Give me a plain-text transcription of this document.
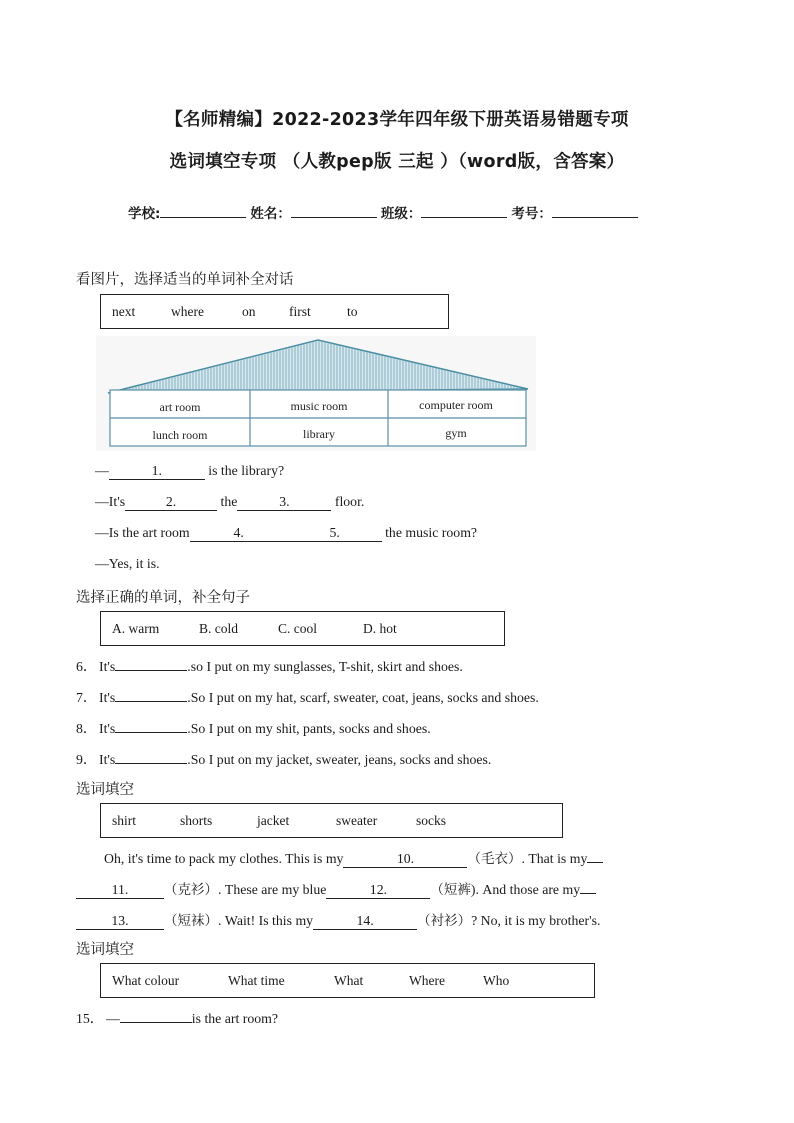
【名师精编】2022-2023学年四年级下册英语易错题专项
选词填空专项 （人教pep版 三起 ）（word版，含答案）
学校:	姓名：	班级：	考号：
看图片，选择适当的单词补全对话
next	where	on first	to
art room	music room	computer room
lunch room	library	gym
—	1.	is the library?
—It's	2.	the	3.	floor.
—Is the art room	4.	5.	the music room?
—Yes, it is.
选择正确的单词，补全句子
A. warm	B. cold	C. cool	D. hot
6． It's	.so I put on my sunglasses, T-shit, skirt and shoes.
7． It's	.So I put on my hat, scarf, sweater, coat, jeans, socks and shoes.
8． It's	.So I put on my shit, pants, socks and shoes.
9． It's	.So I put on my jacket, sweater, jeans, socks and shoes.
选词填空
shirt	shorts	jacket	sweater	socks
Oh, it's time to pack my clothes. This is my	10.	（毛衣）. That is my
11.	（克衫）. These are my blue	12.	（短裤). And those are my
13.	（短袜）. Wait! Is this my	14.	（衬衫）? No, it is my brother's.
选词填空
What colour	What time	What	Where	Who
15． —	is the art room?
